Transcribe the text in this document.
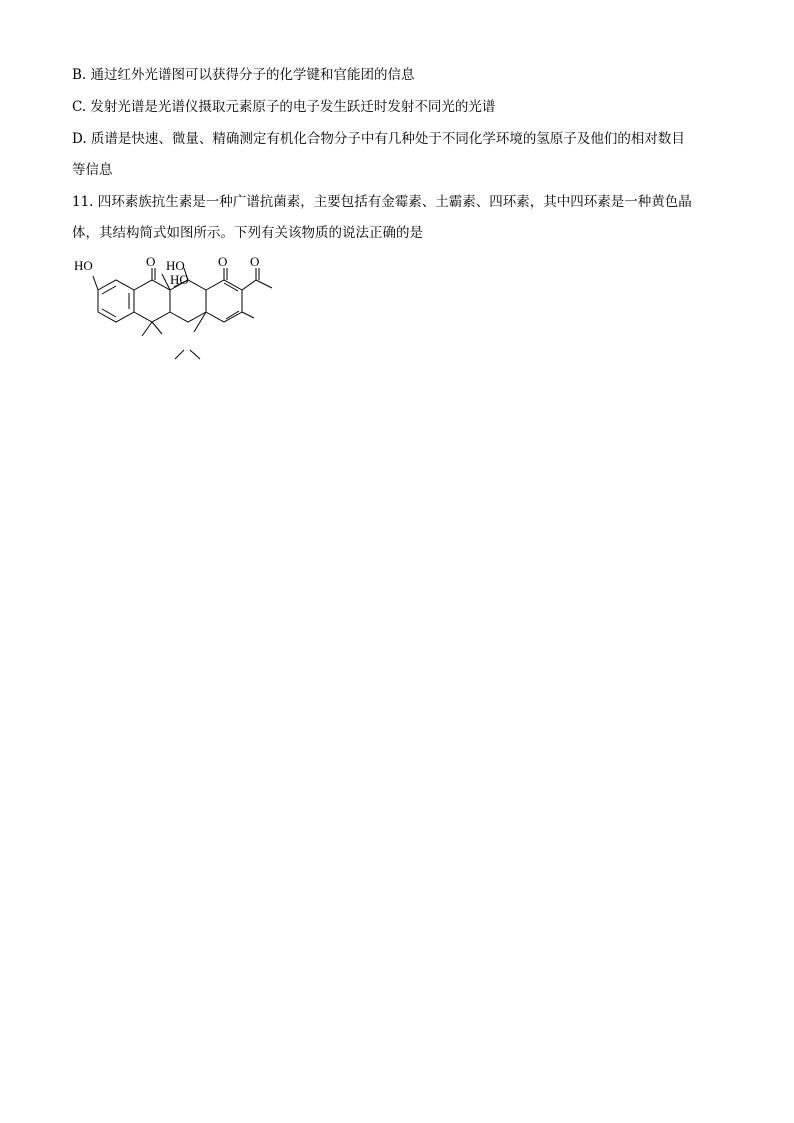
B. 通过红外光谱图可以获得分子的化学键和官能团的信息
C. 发射光谱是光谱仪摄取元素原子的电子发生跃迁时发射不同光的光谱
D. 质谱是快速、微量、精确测定有机化合物分子中有几种处于不同化学环境的氢原子及他们的相对数目
等信息
11. 四环素族抗生素是一种广谱抗菌素，主要包括有金霉素、土霸素、四环素，其中四环素是一种黄色晶
体，其结构简式如图所示。下列有关该物质的说法正确的是
HO	O HO	O O
HO
